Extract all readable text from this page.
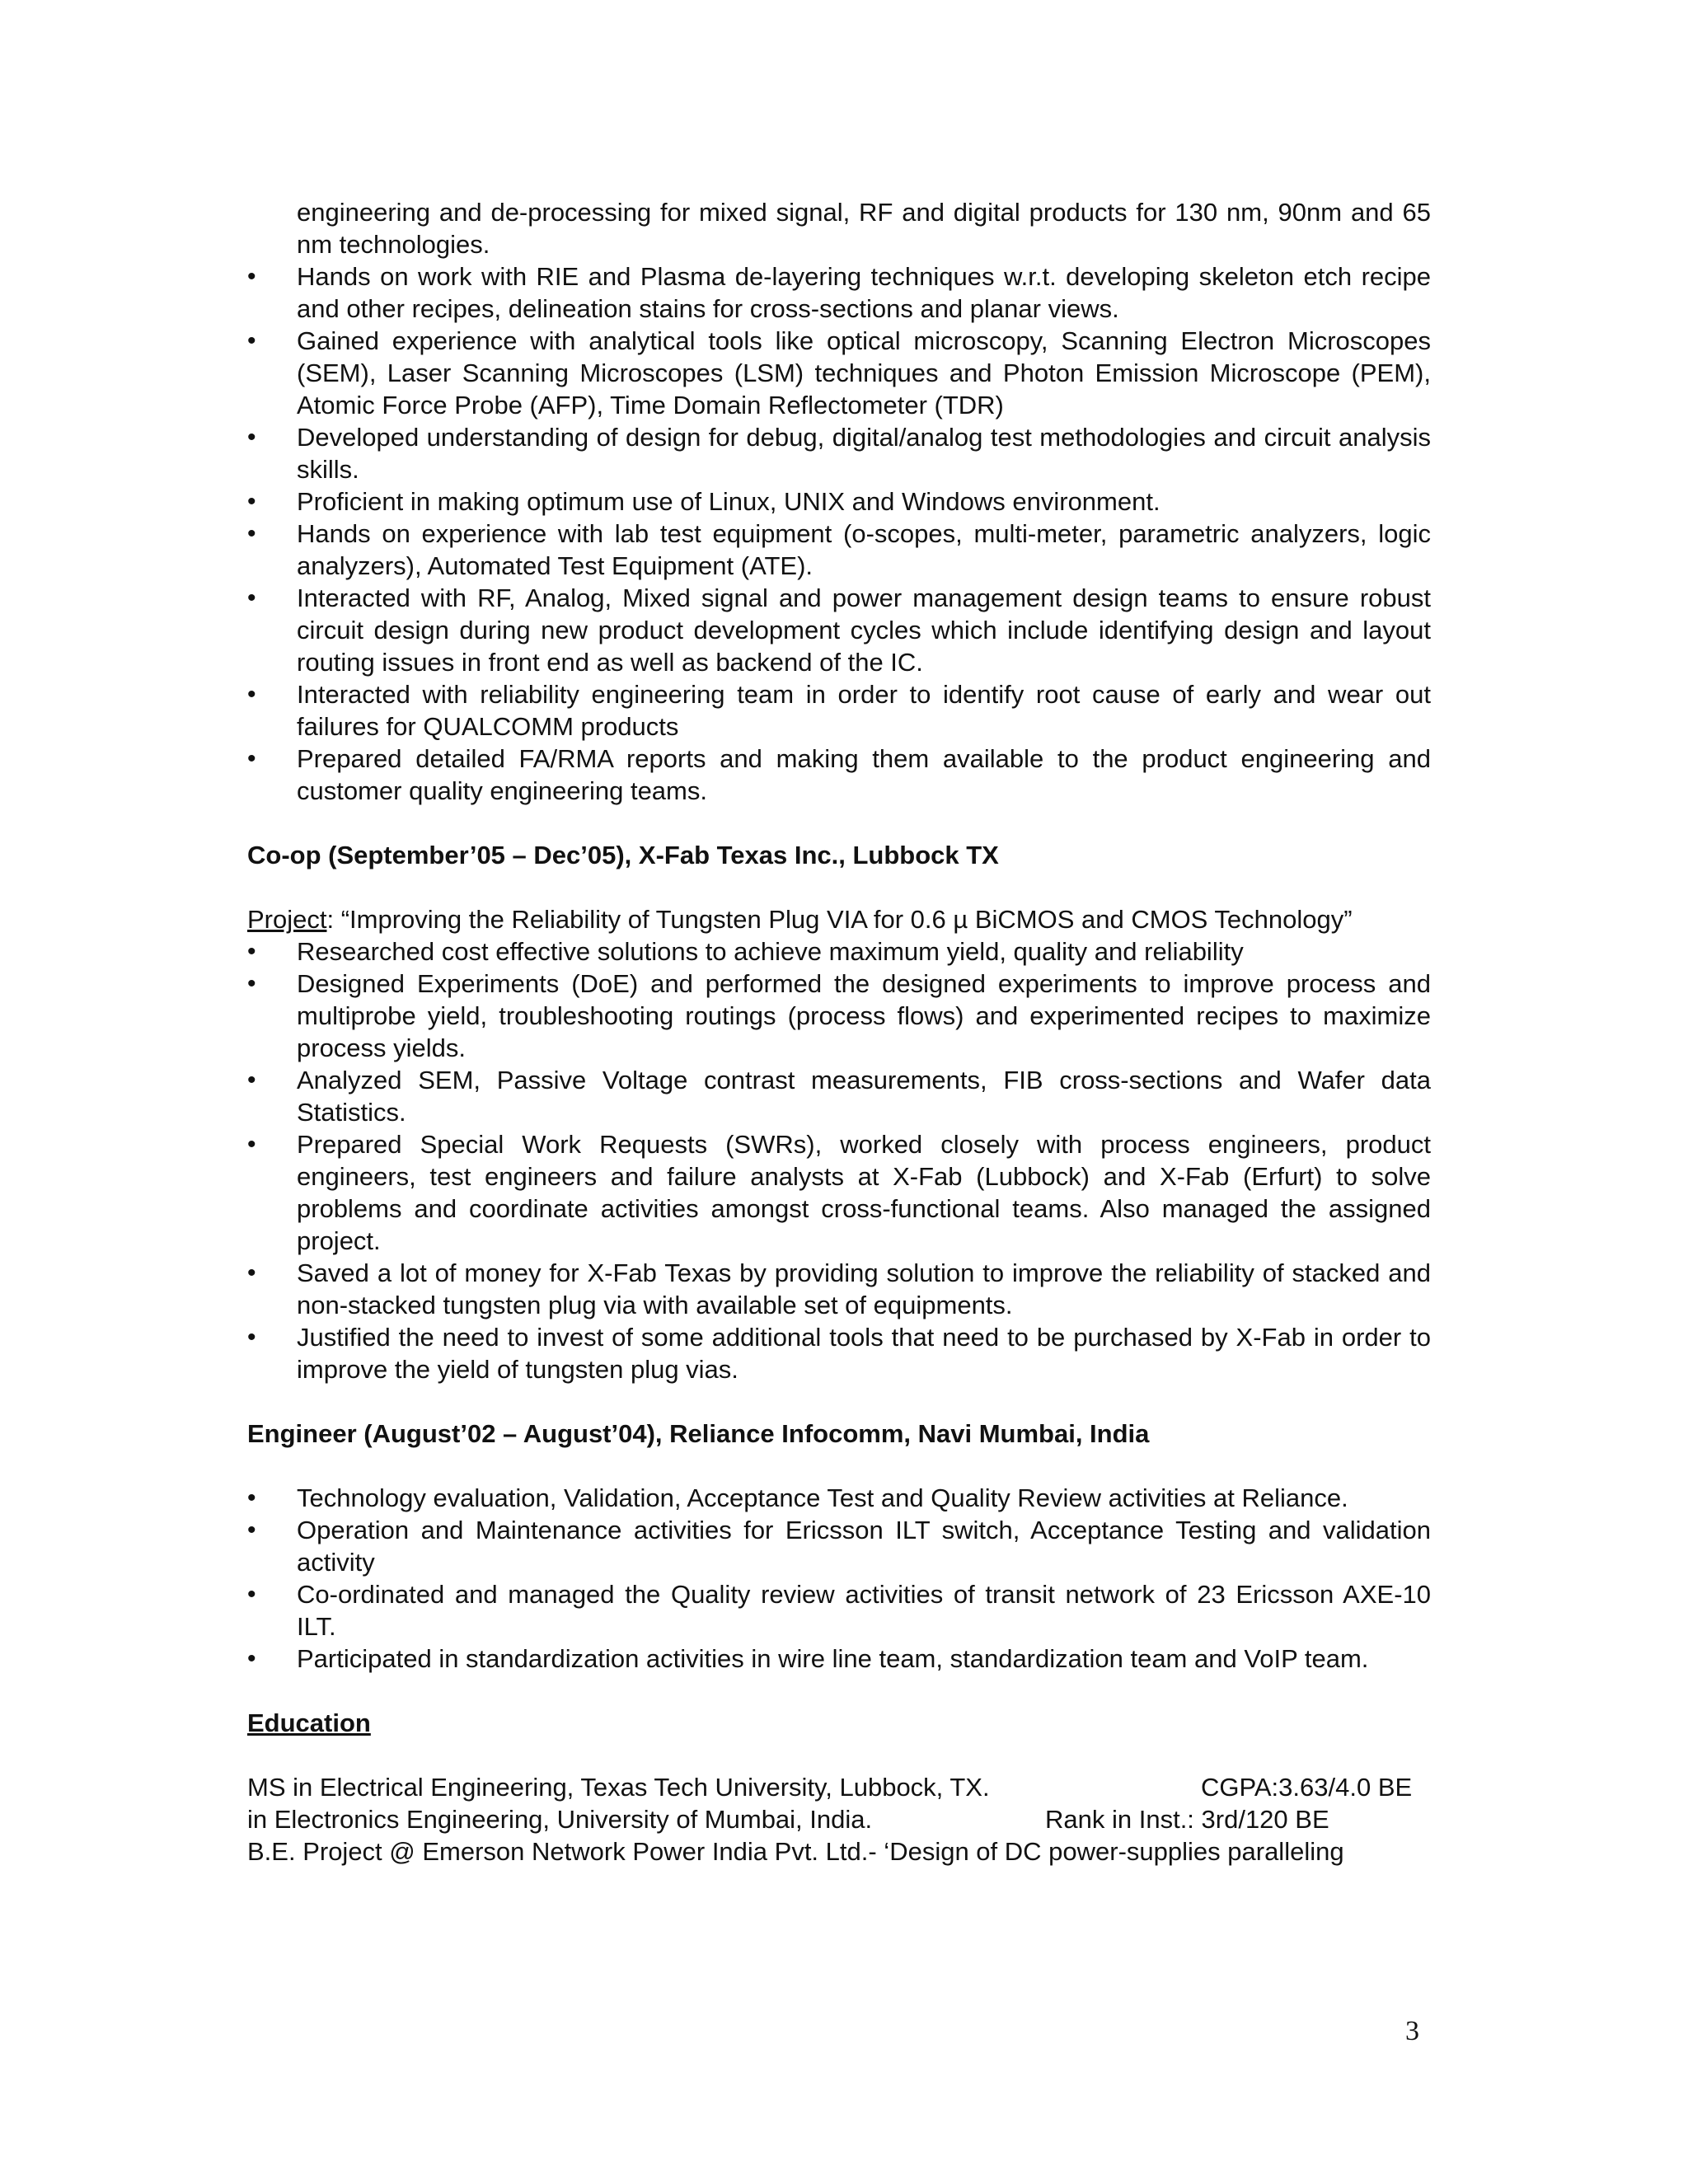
engineering and de-processing for mixed signal, RF and digital products for 130 nm, 90nm and 65 nm technologies.
• Hands on work with RIE and Plasma de-layering techniques w.r.t. developing skeleton etch recipe and other recipes, delineation stains for cross-sections and planar views.
• Gained experience with analytical tools like optical microscopy, Scanning Electron Microscopes (SEM), Laser Scanning Microscopes (LSM) techniques and Photon Emission Microscope (PEM), Atomic Force Probe (AFP), Time Domain Reflectometer (TDR)
• Developed understanding of design for debug, digital/analog test methodologies and circuit analysis skills.
• Proficient in making optimum use of Linux, UNIX and Windows environment.
• Hands on experience with lab test equipment (o-scopes, multi-meter, parametric analyzers, logic analyzers), Automated Test Equipment (ATE).
• Interacted with RF, Analog, Mixed signal and power management design teams to ensure robust circuit design during new product development cycles which include identifying design and layout routing issues in front end as well as backend of the IC.
• Interacted with reliability engineering team in order to identify root cause of early and wear out failures for QUALCOMM products
• Prepared detailed FA/RMA reports and making them available to the product engineering and customer quality engineering teams.
Co-op (September’05 – Dec’05), X-Fab Texas Inc., Lubbock TX

Project: “Improving the Reliability of Tungsten Plug VIA for 0.6 µ BiCMOS and CMOS Technology”

• Researched cost effective solutions to achieve maximum yield, quality and reliability
• Designed Experiments (DoE) and performed the designed experiments to improve process and multiprobe yield, troubleshooting routings (process flows) and experimented recipes to maximize process yields.
• Analyzed SEM, Passive Voltage contrast measurements, FIB cross-sections and Wafer data Statistics.
• Prepared Special Work Requests (SWRs), worked closely with process engineers, product engineers, test engineers and failure analysts at X-Fab (Lubbock) and X-Fab (Erfurt) to solve problems and coordinate activities amongst cross-functional teams. Also managed the assigned project.
• Saved a lot of money for X-Fab Texas by providing solution to improve the reliability of stacked and non-stacked tungsten plug via with available set of equipments.
• Justified the need to invest of some additional tools that need to be purchased by X-Fab in order to improve the yield of tungsten plug vias.
Engineer (August’02 – August’04), Reliance Infocomm, Navi Mumbai, India
• Technology evaluation, Validation, Acceptance Test and Quality Review activities at Reliance.
• Operation and Maintenance activities for Ericsson ILT switch, Acceptance Testing and validation activity
• Co-ordinated and managed the Quality review activities of transit network of 23 Ericsson AXE-10 ILT.
• Participated in standardization activities in wire line team, standardization team and VoIP team.
Education
MS in Electrical Engineering, Texas Tech University, Lubbock, TX.	CGPA:3.63/4.0 BE
in Electronics Engineering, University of Mumbai, India.	Rank in Inst.: 3rd/120 BE
B.E. Project @ Emerson Network Power India Pvt. Ltd.- ‘Design of DC power-supplies paralleling
3
